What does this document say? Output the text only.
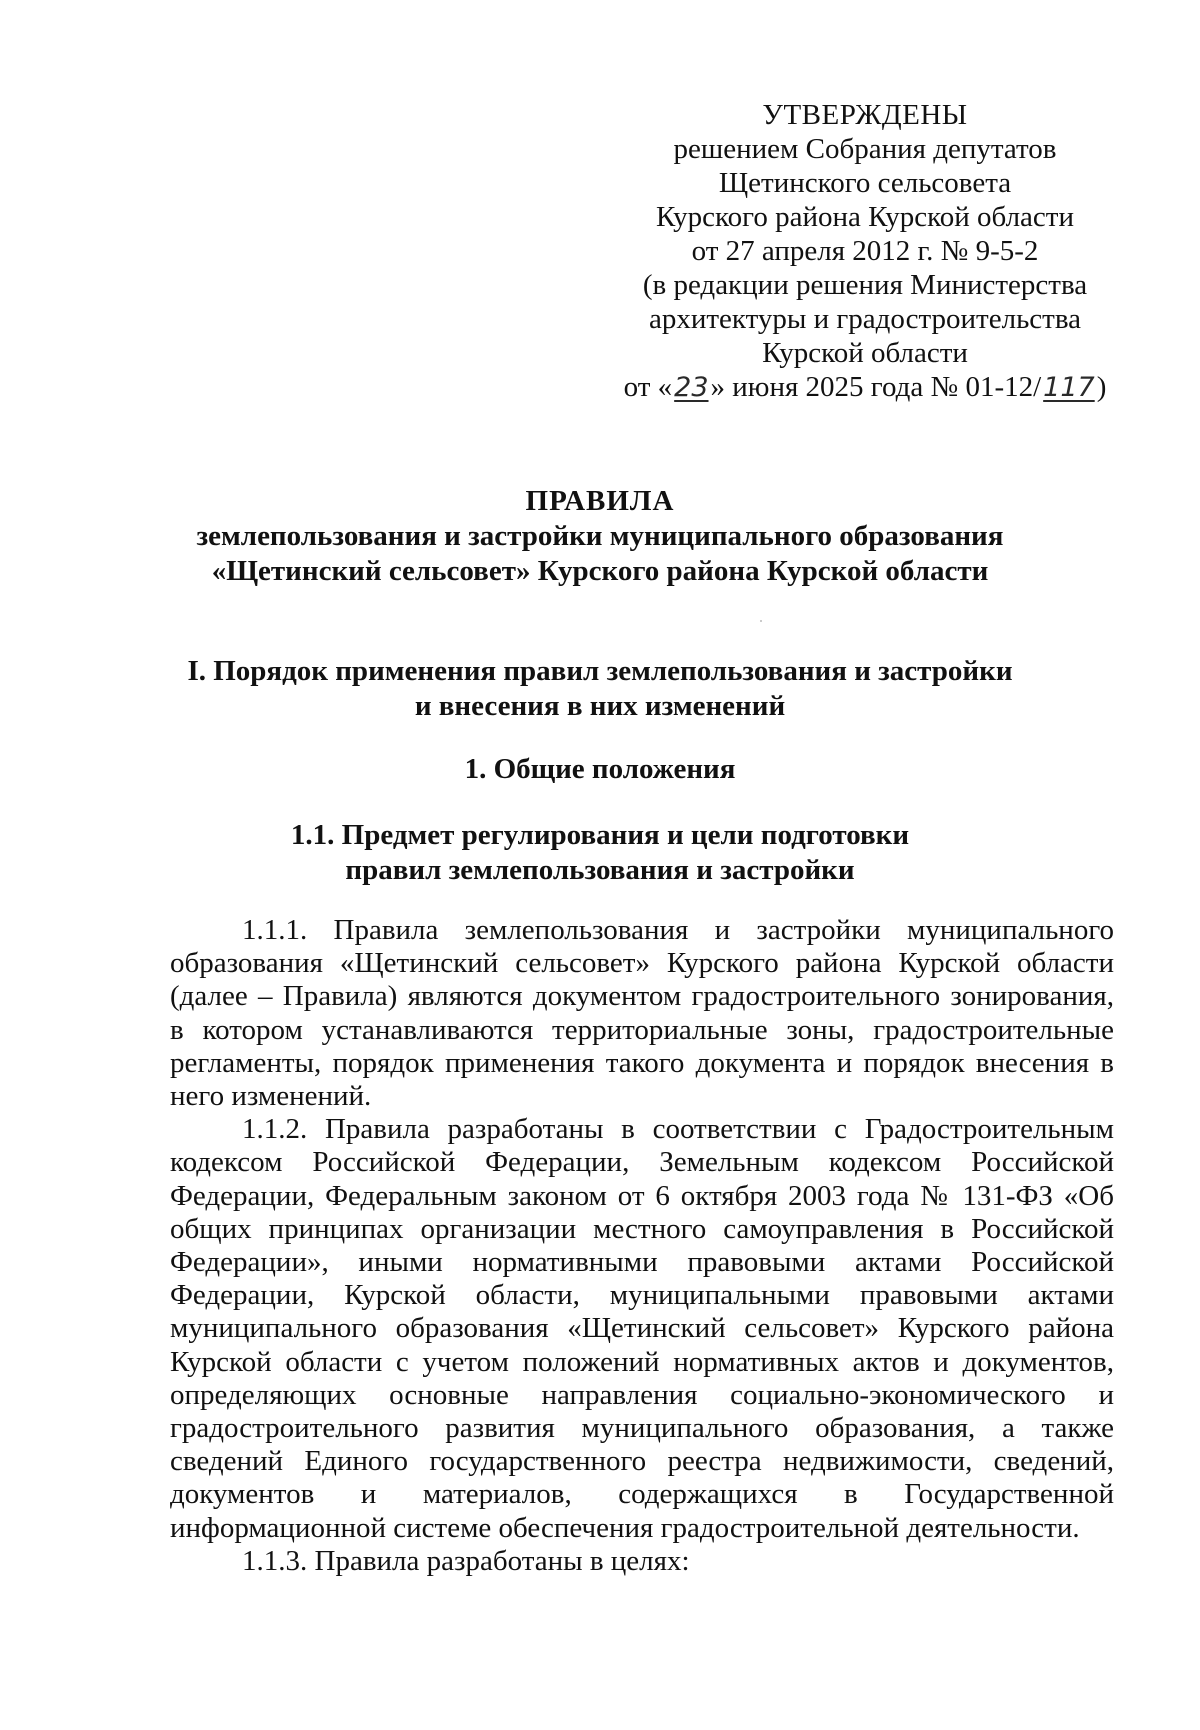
УТВЕРЖДЕНЫ
решением Собрания депутатов
Щетинского сельсовета
Курского района Курской области
от 27 апреля 2012 г. № 9-5-2
(в редакции решения Министерства
архитектуры и градостроительства
Курской области
от «23» июня 2025 года № 01-12/117)
ПРАВИЛА
землепользования и застройки муниципального образования
«Щетинский сельсовет» Курского района Курской области
I. Порядок применения правил землепользования и застройки
и внесения в них изменений
1. Общие положения
1.1. Предмет регулирования и цели подготовки
правил землепользования и застройки

1.1.1. Правила землепользования и застройки муниципального образования «Щетинский сельсовет» Курского района Курской области (далее – Правила) являются документом градостроительного зонирования, в котором устанавливаются территориальные зоны, градостроительные регламенты, порядок применения такого документа и порядок внесения в него изменений.

1.1.2. Правила разработаны в соответствии с Градостроительным кодексом Российской Федерации, Земельным кодексом Российской Федерации, Федеральным законом от 6 октября 2003 года № 131-ФЗ «Об общих принципах организации местного самоуправления в Российской Федерации», иными нормативными правовыми актами Российской Федерации, Курской области, муниципальными правовыми актами муниципального образования «Щетинский сельсовет» Курского района Курской области с учетом положений нормативных актов и документов, определяющих основные направления социально-экономического и градостроительного развития муниципального образования, а также сведений Единого государственного реестра недвижимости, сведений, документов и материалов, содержащихся в Государственной информационной системе обеспечения градостроительной деятельности.

1.1.3. Правила разработаны в целях:
